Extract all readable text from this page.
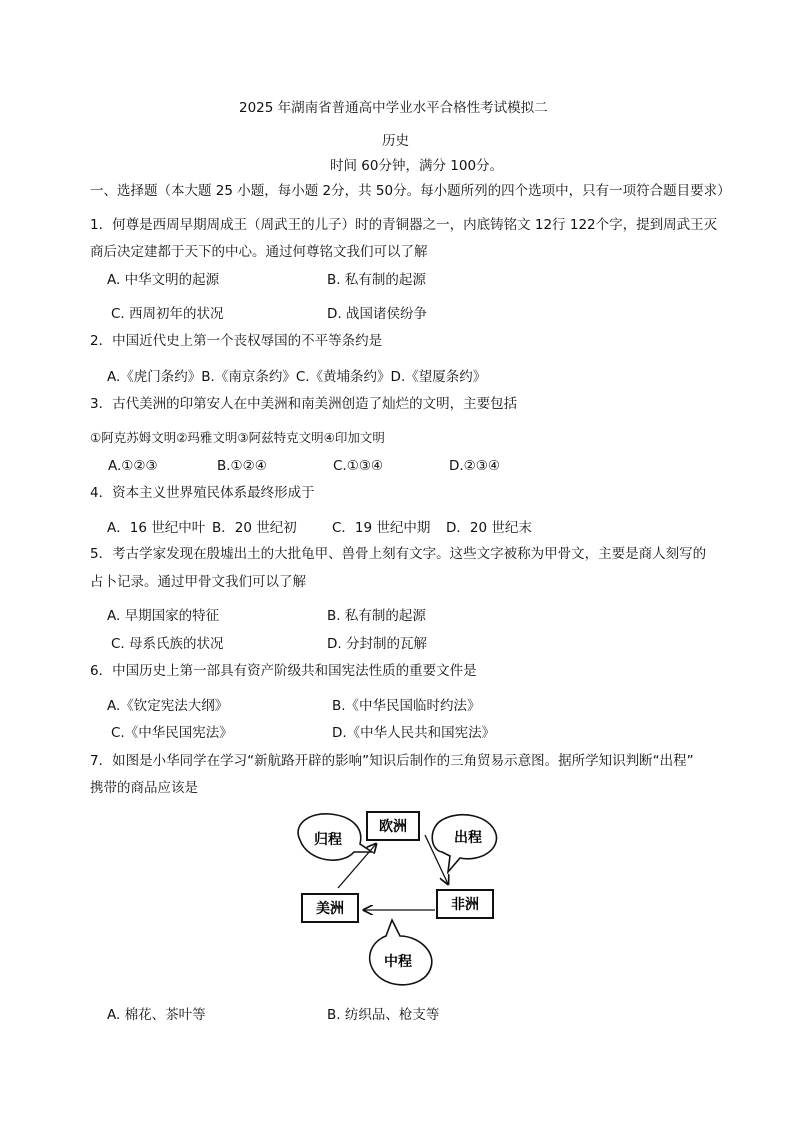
2025 年湖南省普通高中学业水平合格性考试模拟二
历史
时间 60分钟，满分 100分。
一、选择题（本大题 25 小题，每小题 2分，共 50分。每小题所列的四个选项中，只有一项符合题目要求）
1．何尊是西周早期周成王（周武王的儿子）时的青铜器之一，内底铸铭文 12行 122个字，提到周武王灭
商后决定建都于天下的中心。通过何尊铭文我们可以了解
A. 中华文明的起源	B. 私有制的起源
C. 西周初年的状况	D. 战国诸侯纷争
2．中国近代史上第一个丧权辱国的不平等条约是
A.《虎门条约》B.《南京条约》C.《黄埔条约》D.《望厦条约》
3．古代美洲的印第安人在中美洲和南美洲创造了灿烂的文明，主要包括
①阿克苏姆文明②玛雅文明③阿兹特克文明④印加文明
A.①②③	B.①②④	C.①③④	D.②③④
4．资本主义世界殖民体系最终形成于
A．16 世纪中叶 B．20 世纪初	C．19 世纪中期 D．20 世纪末
5．考古学家发现在殷墟出土的大批龟甲、兽骨上刻有文字。这些文字被称为甲骨文，主要是商人刻写的
占卜记录。通过甲骨文我们可以了解
A. 早期国家的特征	B. 私有制的起源
C. 母系氏族的状况	D. 分封制的瓦解
6．中国历史上第一部具有资产阶级共和国宪法性质的重要文件是
A.《钦定宪法大纲》	B.《中华民国临时约法》
C.《中华民国宪法》	D.《中华人民共和国宪法》
7．如图是小华同学在学习“新航路开辟的影响”知识后制作的三角贸易示意图。据所学知识判断“出程”
携带的商品应该是
欧洲
非洲
美洲
出程
归程
中程
A. 棉花、茶叶等	B. 纺织品、枪支等
